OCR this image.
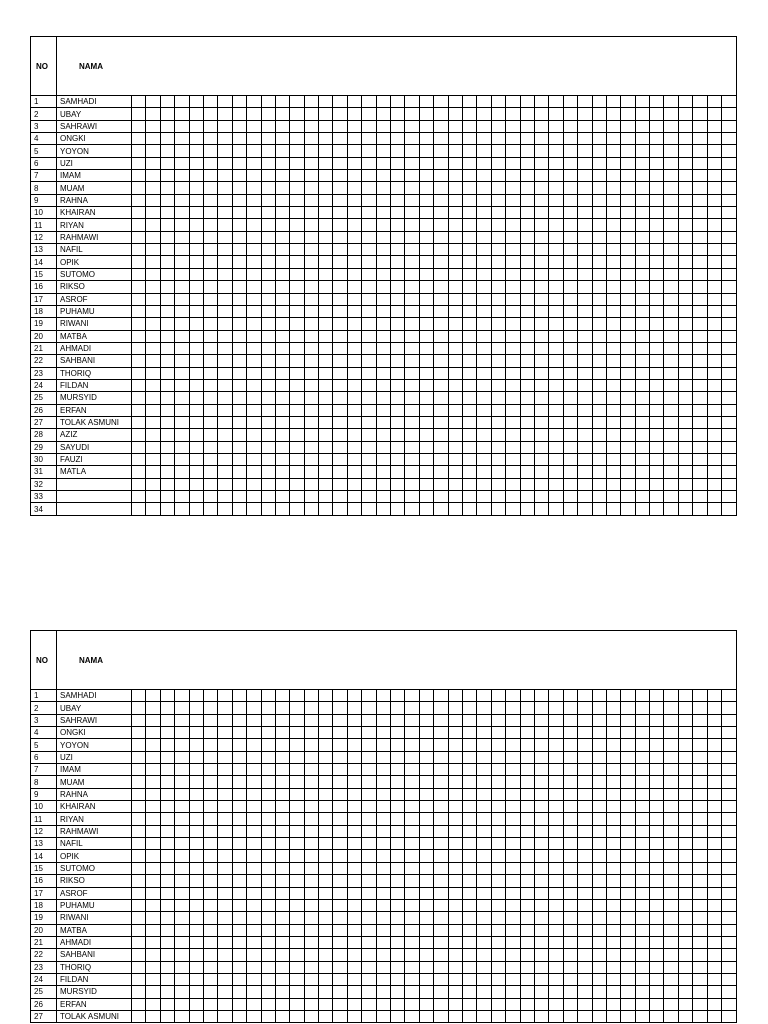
NO	NAMA																																										
1	SAMHADI																																										
2	UBAY																																										
3	SAHRAWI																																										
4	ONGKI																																										
5	YOYON																																										
6	UZI																																										
7	IMAM																																										
8	MUAM																																										
9	RAHNA																																										
10	KHAIRAN																																										
11	RIYAN																																										
12	RAHMAWI																																										
13	NAFIL																																										
14	OPIK																																										
15	SUTOMO																																										
16	RIKSO																																										
17	ASROF																																										
18	PUHAMU																																										
19	RIWANI																																										
20	MATBA																																										
21	AHMADI																																										
22	SAHBANI																																										
23	THORIQ																																										
24	FILDAN																																										
25	MURSYID																																										
26	ERFAN																																										
27	TOLAK ASMUNI																																										
28	AZIZ																																										
29	SAYUDI																																										
30	FAUZI																																										
31	MATLA																																										
32																																											
33																																											
34																																											
NO	NAMA																																										
1	SAMHADI																																										
2	UBAY																																										
3	SAHRAWI																																										
4	ONGKI																																										
5	YOYON																																										
6	UZI																																										
7	IMAM																																										
8	MUAM																																										
9	RAHNA																																										
10	KHAIRAN																																										
11	RIYAN																																										
12	RAHMAWI																																										
13	NAFIL																																										
14	OPIK																																										
15	SUTOMO																																										
16	RIKSO																																										
17	ASROF																																										
18	PUHAMU																																										
19	RIWANI																																										
20	MATBA																																										
21	AHMADI																																										
22	SAHBANI																																										
23	THORIQ																																										
24	FILDAN																																										
25	MURSYID																																										
26	ERFAN																																										
27	TOLAK ASMUNI																																										
